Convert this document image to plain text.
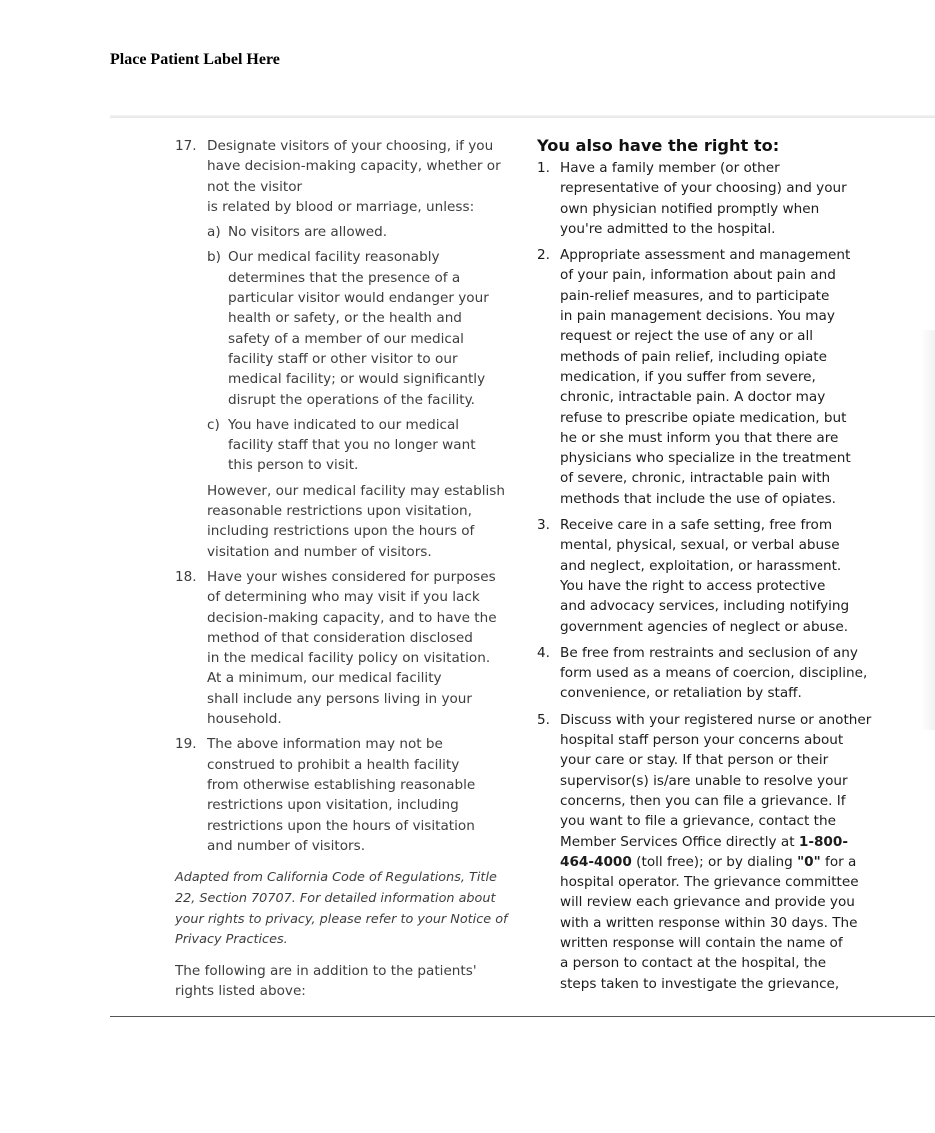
Place Patient Label Here
17. Designate visitors of your choosing, if you
have decision-making capacity, whether or
not the visitor
is related by blood or marriage, unless:
a) No visitors are allowed.
b) Our medical facility reasonably
determines that the presence of a
particular visitor would endanger your
health or safety, or the health and
safety of a member of our medical
facility staff or other visitor to our
medical facility; or would significantly
disrupt the operations of the facility.
c) You have indicated to our medical
facility staff that you no longer want
this person to visit.
However, our medical facility may establish
reasonable restrictions upon visitation,
including restrictions upon the hours of
visitation and number of visitors.
18. Have your wishes considered for purposes
of determining who may visit if you lack
decision-making capacity, and to have the
method of that consideration disclosed
in the medical facility policy on visitation.
At a minimum, our medical facility
shall include any persons living in your
household.
19. The above information may not be
construed to prohibit a health facility
from otherwise establishing reasonable
restrictions upon visitation, including
restrictions upon the hours of visitation
and number of visitors.
Adapted from California Code of Regulations, Title
22, Section 70707. For detailed information about
your rights to privacy, please refer to your Notice of
Privacy Practices.
The following are in addition to the patients'
rights listed above:
You also have the right to:
1. Have a family member (or other
representative of your choosing) and your
own physician notified promptly when
you're admitted to the hospital.
2. Appropriate assessment and management
of your pain, information about pain and
pain-relief measures, and to participate
in pain management decisions. You may
request or reject the use of any or all
methods of pain relief, including opiate
medication, if you suffer from severe,
chronic, intractable pain. A doctor may
refuse to prescribe opiate medication, but
he or she must inform you that there are
physicians who specialize in the treatment
of severe, chronic, intractable pain with
methods that include the use of opiates.
3. Receive care in a safe setting, free from
mental, physical, sexual, or verbal abuse
and neglect, exploitation, or harassment.
You have the right to access protective
and advocacy services, including notifying
government agencies of neglect or abuse.
4. Be free from restraints and seclusion of any
form used as a means of coercion, discipline,
convenience, or retaliation by staff.
5. Discuss with your registered nurse or another
hospital staff person your concerns about
your care or stay. If that person or their
supervisor(s) is/are unable to resolve your
concerns, then you can file a grievance. If
you want to file a grievance, contact the
Member Services Office directly at 1-800-
464-4000 (toll free); or by dialing "0" for a
hospital operator. The grievance committee
will review each grievance and provide you
with a written response within 30 days. The
written response will contain the name of
a person to contact at the hospital, the
steps taken to investigate the grievance,
